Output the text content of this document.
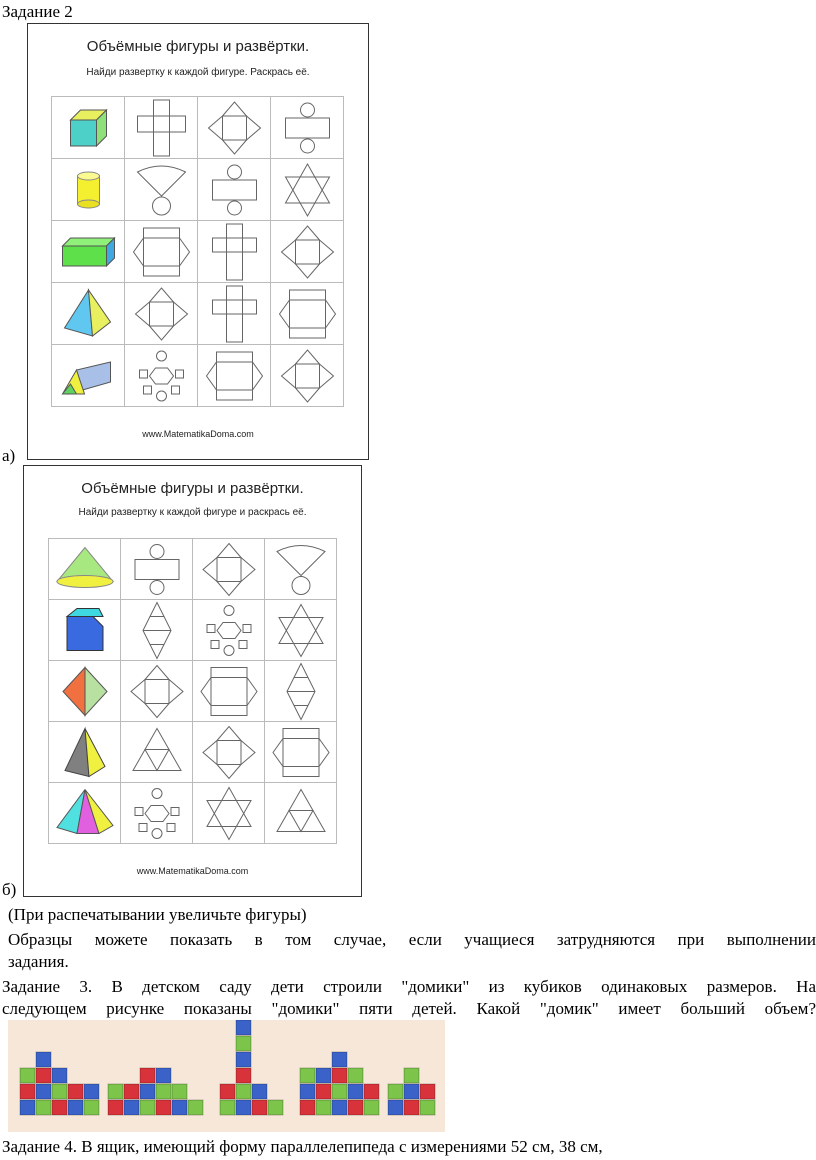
Задание 2
Объёмные фигуры и развёртки.
Найди развертку к каждой фигуре. Раскрась её.
www.MatematikaDoma.com
а)
Объёмные фигуры и развёртки.
Найди развертку к каждой фигуре и раскрась её.
www.MatematikaDoma.com
б)
(При распечатывании увеличьте фигуры)
Образцы можете показать в том случае, если учащиеся затрудняются при выполнении
задания.
Задание 3. В детском саду дети строили "домики" из кубиков одинаковых размеров. На
следующем рисунке показаны "домики" пяти детей. Какой "домик" имеет больший объем?
Задание 4. В ящик, имеющий форму параллелепипеда с измерениями 52 см, 38 см,
